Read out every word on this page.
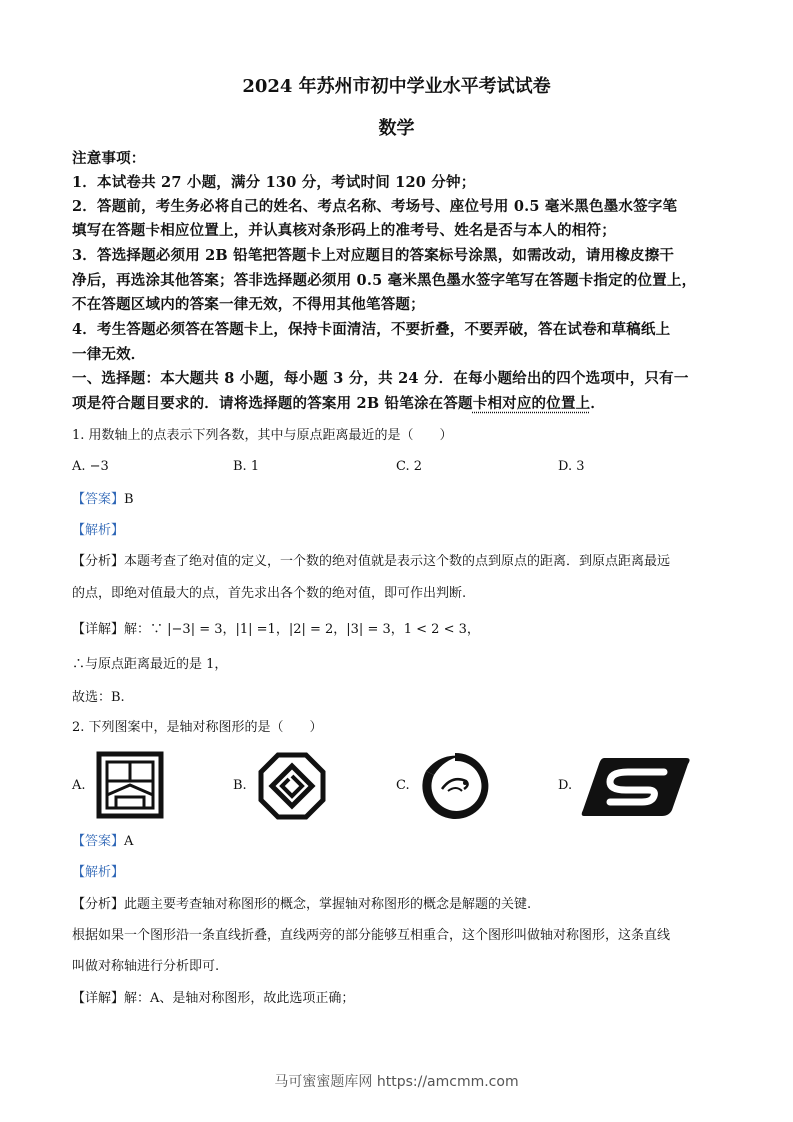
2024 年苏州市初中学业水平考试试卷
数学
注意事项：
1．本试卷共 27 小题，满分 130 分，考试时间 120 分钟；
2．答题前，考生务必将自己的姓名、考点名称、考场号、座位号用 0.5 毫米黑色墨水签字笔
填写在答题卡相应位置上，并认真核对条形码上的准考号、姓名是否与本人的相符；
3．答选择题必须用 2B 铅笔把答题卡上对应题目的答案标号涂黑，如需改动，请用橡皮擦干
净后，再选涂其他答案；答非选择题必须用 0.5 毫米黑色墨水签字笔写在答题卡指定的位置上，
不在答题区域内的答案一律无效，不得用其他笔答题；
4．考生答题必须答在答题卡上，保持卡面清洁，不要折叠，不要弄破，答在试卷和草稿纸上
一律无效．
一、选择题：本大题共 8 小题，每小题 3 分，共 24 分．在每小题给出的四个选项中，只有一
项是符合题目要求的．请将选择题的答案用 2B 铅笔涂在答题卡相对应的位置上．
1. 用数轴上的点表示下列各数，其中与原点距离最近的是（　　）
A. −3	B. 1	C. 2	D. 3
【答案】B
【解析】
【分析】本题考查了绝对值的定义，一个数的绝对值就是表示这个数的点到原点的距离．到原点距离最远
的点，即绝对值最大的点，首先求出各个数的绝对值，即可作出判断.
【详解】解：∵ |−3| = 3，|1| =1，|2| = 2，|3| = 3，1 < 2 < 3，
∴与原点距离最近的是 1，
故选：B.
2. 下列图案中，是轴对称图形的是（　　）
A.	B.	C.	D.
【答案】A
【解析】
【分析】此题主要考查轴对称图形的概念，掌握轴对称图形的概念是解题的关键.
根据如果一个图形沿一条直线折叠，直线两旁的部分能够互相重合，这个图形叫做轴对称图形，这条直线
叫做对称轴进行分析即可.
【详解】解：A、是轴对称图形，故此选项正确；
马可蜜蜜题库网 https://amcmm.com
